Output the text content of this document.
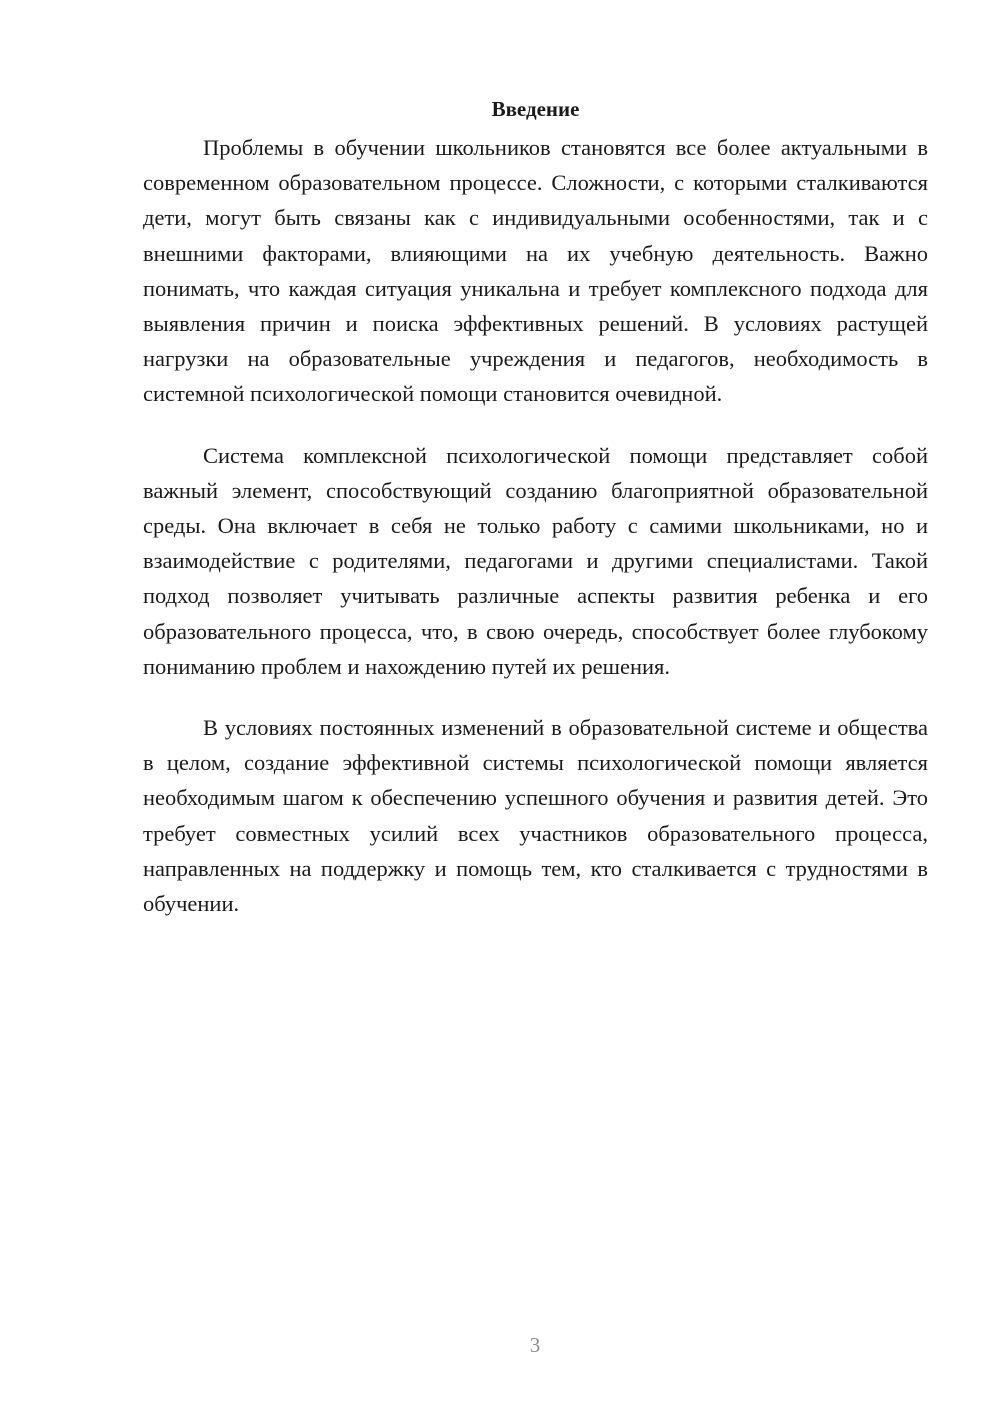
Введение

Проблемы в обучении школьников становятся все более актуальными в современном образовательном процессе. Сложности, с которыми сталкиваются дети, могут быть связаны как с индивидуальными особенностями, так и с внешними факторами, влияющими на их учебную деятельность. Важно понимать, что каждая ситуация уникальна и требует комплексного подхода для выявления причин и поиска эффективных решений. В условиях растущей нагрузки на образовательные учреждения и педагогов, необходимость в системной психологической помощи становится очевидной.

Система комплексной психологической помощи представляет собой важный элемент, способствующий созданию благоприятной образовательной среды. Она включает в себя не только работу с самими школьниками, но и взаимодействие с родителями, педагогами и другими специалистами. Такой подход позволяет учитывать различные аспекты развития ребенка и его образовательного процесса, что, в свою очередь, способствует более глубокому пониманию проблем и нахождению путей их решения.

В условиях постоянных изменений в образовательной системе и общества в целом, создание эффективной системы психологической помощи является необходимым шагом к обеспечению успешного обучения и развития детей. Это требует совместных усилий всех участников образовательного процесса, направленных на поддержку и помощь тем, кто сталкивается с трудностями в обучении.

3
